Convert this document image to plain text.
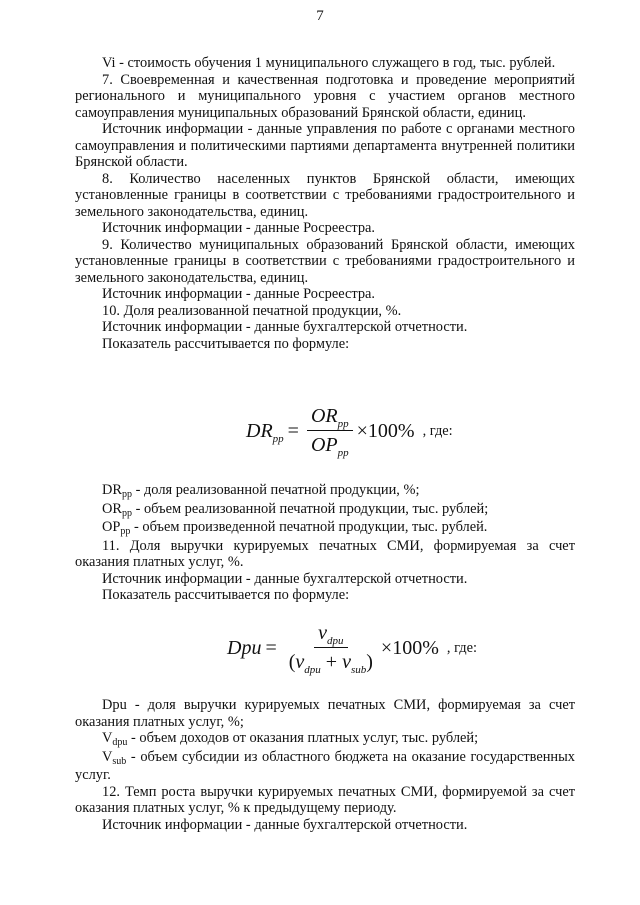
7

Vi - стоимость обучения 1 муниципального служащего в год, тыс. рублей.

7. Своевременная и качественная подготовка и проведение мероприятий регионального и муниципального уровня с участием органов местного самоуправления муниципальных образований Брянской области, единиц.

Источник информации - данные управления по работе с органами местного самоуправления и политическими партиями департамента внутренней политики Брянской области.

8. Количество населенных пунктов Брянской области, имеющих установленные границы в соответствии с требованиями градостроительного и земельного законодательства, единиц.

Источник информации - данные Росреестра.

9. Количество муниципальных образований Брянской области, имеющих установленные границы в соответствии с требованиями градостроительного и земельного законодательства, единиц.

Источник информации - данные Росреестра.

10. Доля реализованной печатной продукции, %.

Источник информации - данные бухгалтерской отчетности.

Показатель рассчитывается по формуле:

$DR_{pp} = \frac{OR_{pp}}{OP_{pp}} \times 100\%$ , где:

$DR_{pp}$ - доля реализованной печатной продукции, %;

$OR_{pp}$ - объем реализованной печатной продукции, тыс. рублей;

$OP_{pp}$ - объем произведенной печатной продукции, тыс. рублей.

11. Доля выручки курируемых печатных СМИ, формируемая за счет оказания платных услуг, %.

Источник информации - данные бухгалтерской отчетности.

Показатель рассчитывается по формуле:

Dpu = $\frac{v_{dpu}}{(v_{dpu} + v_{sub})} \times 100\%$ , где:

Dpu - доля выручки курируемых печатных СМИ, формируемая за счет оказания платных услуг, %;

$V_{dpu}$ - объем доходов от оказания платных услуг, тыс. рублей;

$V_{sub}$ - объем субсидии из областного бюджета на оказание государственных услуг.

12. Темп роста выручки курируемых печатных СМИ, формируемой за счет оказания платных услуг, % к предыдущему периоду.

Источник информации - данные бухгалтерской отчетности.
